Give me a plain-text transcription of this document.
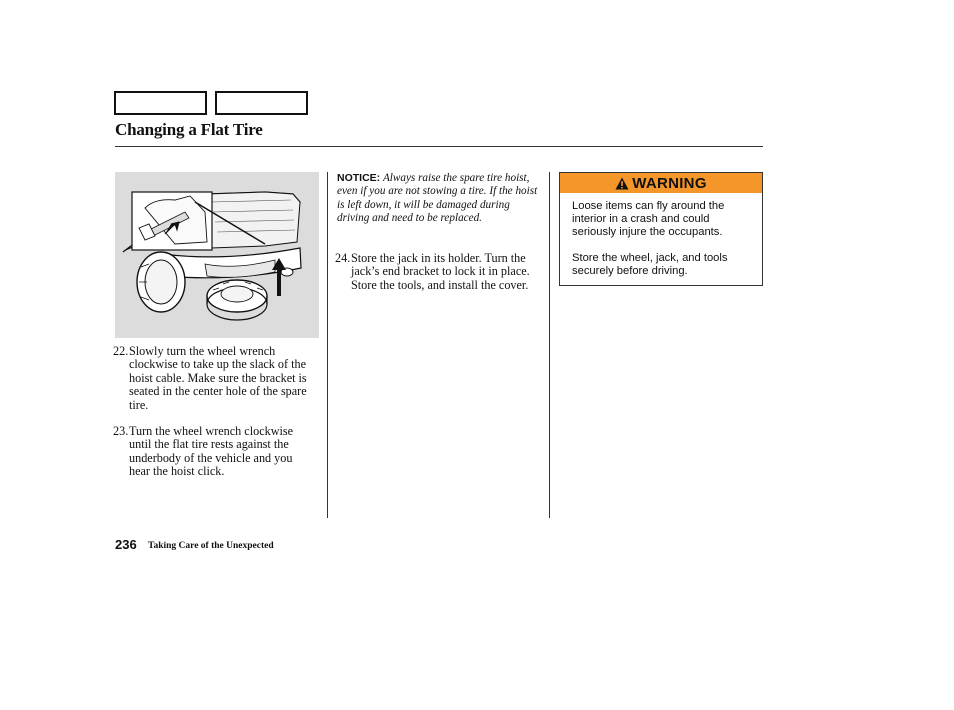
Changing a Flat Tire
22. Slowly turn the wheel wrench clockwise to take up the slack of the hoist cable. Make sure the bracket is seated in the center hole of the spare tire.
23. Turn the wheel wrench clockwise until the flat tire rests against the underbody of the vehicle and you hear the hoist click.
NOTICE: Always raise the spare tire hoist, even if you are not stowing a tire. If the hoist is left down, it will be damaged during driving and need to be replaced.
24. Store the jack in its holder. Turn the jack’s end bracket to lock it in place. Store the tools, and install the cover.
WARNING

Loose items can fly around the interior in a crash and could seriously injure the occupants.

Store the wheel, jack, and tools securely before driving.

236 Taking Care of the Unexpected
